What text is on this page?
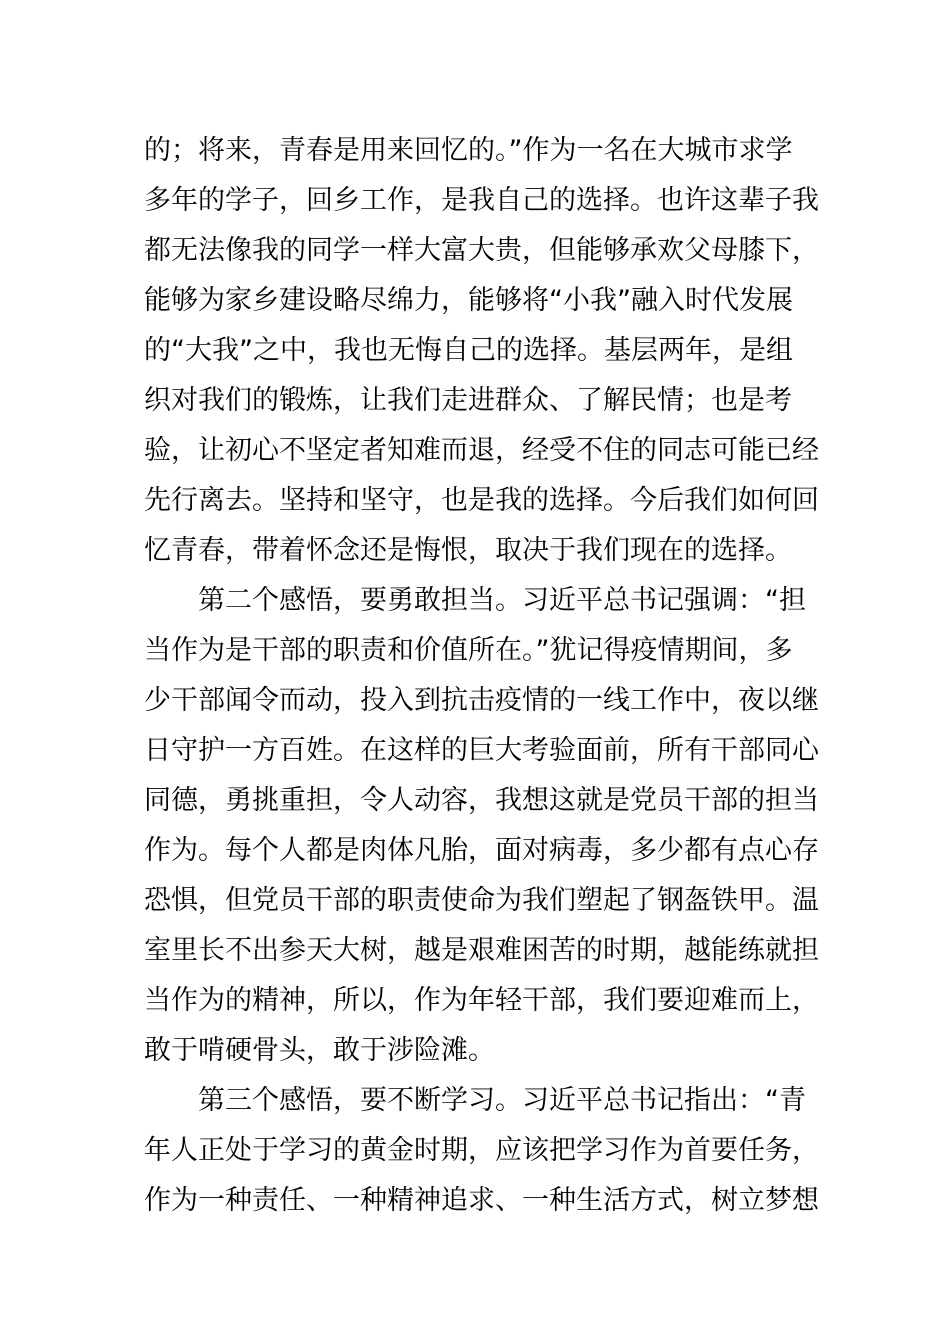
的；将来，青春是用来回忆的。”作为一名在大城市求学
多年的学子，回乡工作，是我自己的选择。也许这辈子我
都无法像我的同学一样大富大贵，但能够承欢父母膝下，
能够为家乡建设略尽绵力，能够将“小我”融入时代发展
的“大我”之中，我也无悔自己的选择。基层两年，是组
织对我们的锻炼，让我们走进群众、了解民情；也是考
验，让初心不坚定者知难而退，经受不住的同志可能已经
先行离去。坚持和坚守，也是我的选择。今后我们如何回
忆青春，带着怀念还是悔恨，取决于我们现在的选择。
第二个感悟，要勇敢担当。习近平总书记强调：“担
当作为是干部的职责和价值所在。”犹记得疫情期间，多
少干部闻令而动，投入到抗击疫情的一线工作中，夜以继
日守护一方百姓。在这样的巨大考验面前，所有干部同心
同德，勇挑重担，令人动容，我想这就是党员干部的担当
作为。每个人都是肉体凡胎，面对病毒，多少都有点心存
恐惧，但党员干部的职责使命为我们塑起了钢盔铁甲。温
室里长不出参天大树，越是艰难困苦的时期，越能练就担
当作为的精神，所以，作为年轻干部，我们要迎难而上，
敢于啃硬骨头，敢于涉险滩。
第三个感悟，要不断学习。习近平总书记指出：“青
年人正处于学习的黄金时期，应该把学习作为首要任务，
作为一种责任、一种精神追求、一种生活方式，树立梦想
